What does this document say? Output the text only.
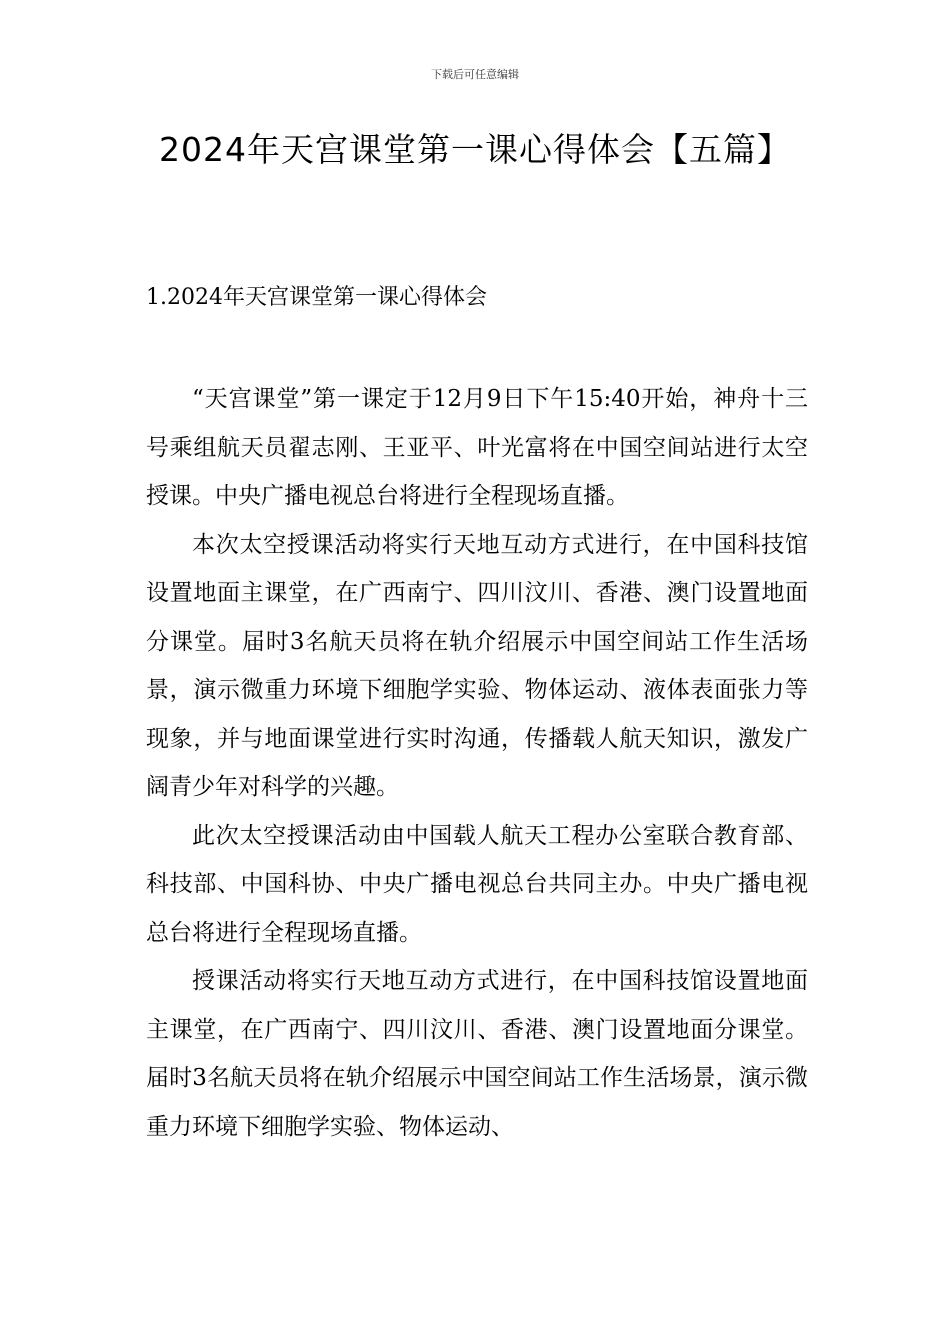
下载后可任意编辑
2024年天宫课堂第一课心得体会【五篇】
1.2024年天宫课堂第一课心得体会

“天宫课堂”第一课定于12月9日下午15:40开始，神舟十三号乘组航天员翟志刚、王亚平、叶光富将在中国空间站进行太空授课。中央广播电视总台将进行全程现场直播。

本次太空授课活动将实行天地互动方式进行，在中国科技馆设置地面主课堂，在广西南宁、四川汶川、香港、澳门设置地面分课堂。届时3名航天员将在轨介绍展示中国空间站工作生活场景，演示微重力环境下细胞学实验、物体运动、液体表面张力等现象，并与地面课堂进行实时沟通，传播载人航天知识，激发广阔青少年对科学的兴趣。

此次太空授课活动由中国载人航天工程办公室联合教育部、科技部、中国科协、中央广播电视总台共同主办。中央广播电视总台将进行全程现场直播。

授课活动将实行天地互动方式进行，在中国科技馆设置地面主课堂，在广西南宁、四川汶川、香港、澳门设置地面分课堂。届时3名航天员将在轨介绍展示中国空间站工作生活场景，演示微重力环境下细胞学实验、物体运动、
